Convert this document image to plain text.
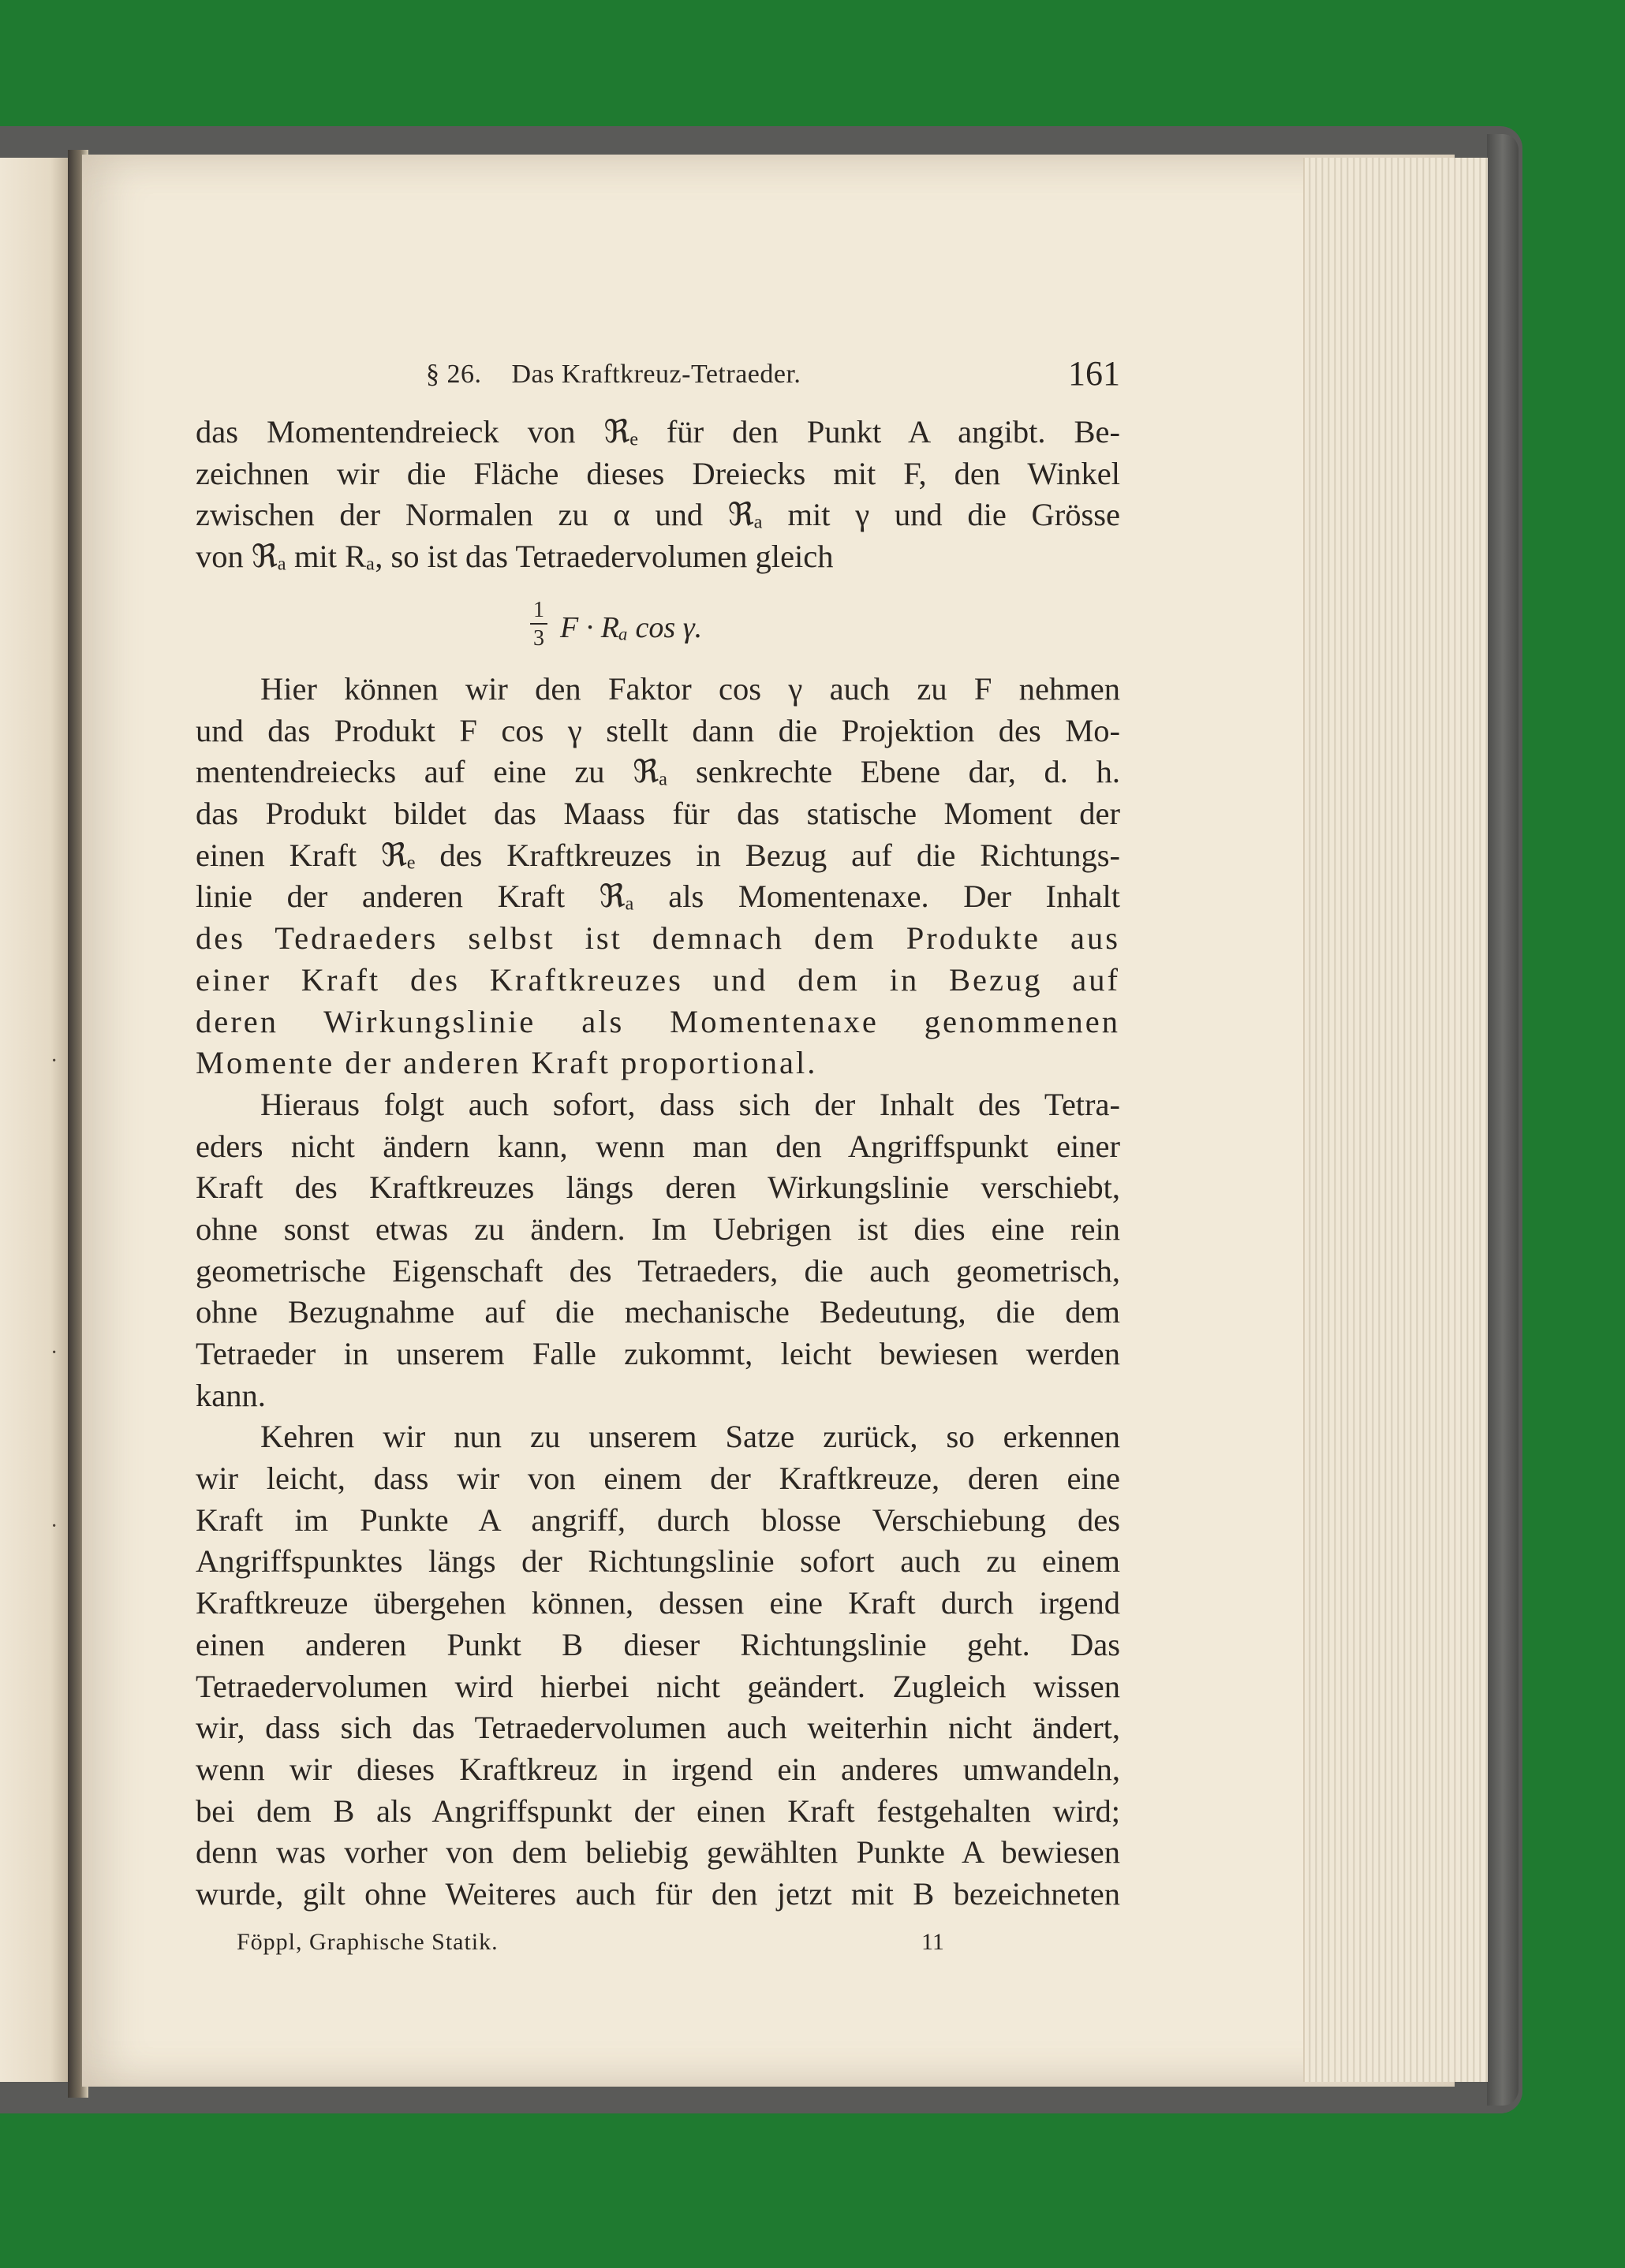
·
·
·
§ 26. Das Kraftkreuz-Tetraeder.	161
das Momentendreieck von ℜₑ für den Punkt A angibt. Be-
zeichnen wir die Fläche dieses Dreiecks mit F, den Winkel
zwischen der Normalen zu α und ℜₐ mit γ und die Grösse
von ℜₐ mit Rₐ, so ist das Tetraedervolumen gleich
1
3 F · Rₐ cos γ.
Hier können wir den Faktor cos γ auch zu F nehmen
und das Produkt F cos γ stellt dann die Projektion des Mo-
mentendreiecks auf eine zu ℜₐ senkrechte Ebene dar, d. h.
das Produkt bildet das Maass für das statische Moment der
einen Kraft ℜₑ des Kraftkreuzes in Bezug auf die Richtungs-
linie der anderen Kraft ℜₐ als Momentenaxe. Der Inhalt
des Tedraeders selbst ist demnach dem Produkte aus
einer Kraft des Kraftkreuzes und dem in Bezug auf
deren Wirkungslinie als Momentenaxe genommenen
Momente der anderen Kraft proportional.
Hieraus folgt auch sofort, dass sich der Inhalt des Tetra-
eders nicht ändern kann, wenn man den Angriffspunkt einer
Kraft des Kraftkreuzes längs deren Wirkungslinie verschiebt,
ohne sonst etwas zu ändern. Im Uebrigen ist dies eine rein
geometrische Eigenschaft des Tetraeders, die auch geometrisch,
ohne Bezugnahme auf die mechanische Bedeutung, die dem
Tetraeder in unserem Falle zukommt, leicht bewiesen werden
kann.
Kehren wir nun zu unserem Satze zurück, so erkennen
wir leicht, dass wir von einem der Kraftkreuze, deren eine
Kraft im Punkte A angriff, durch blosse Verschiebung des
Angriffspunktes längs der Richtungslinie sofort auch zu einem
Kraftkreuze übergehen können, dessen eine Kraft durch irgend
einen anderen Punkt B dieser Richtungslinie geht. Das
Tetraedervolumen wird hierbei nicht geändert. Zugleich wissen
wir, dass sich das Tetraedervolumen auch weiterhin nicht ändert,
wenn wir dieses Kraftkreuz in irgend ein anderes umwandeln,
bei dem B als Angriffspunkt der einen Kraft festgehalten wird;
denn was vorher von dem beliebig gewählten Punkte A bewiesen
wurde, gilt ohne Weiteres auch für den jetzt mit B bezeichneten
Föppl, Graphische Statik.	11
